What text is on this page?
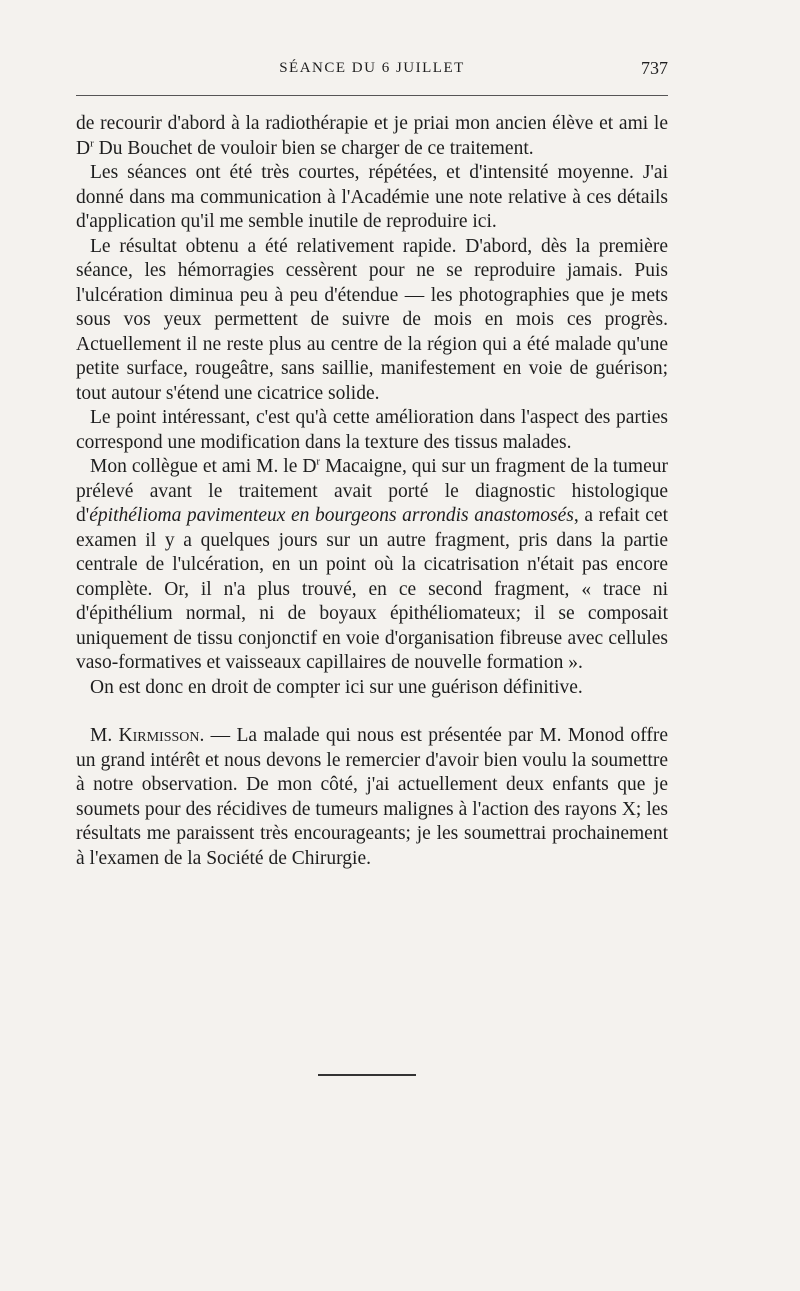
SÉANCE DU 6 JUILLET	737

de recourir d'abord à la radiothérapie et je priai mon ancien élève et ami le $D^r$ Du Bouchet de vouloir bien se charger de ce traitement.

Les séances ont été très courtes, répétées, et d'intensité moyenne. J'ai donné dans ma communication à l'Académie une note relative à ces détails d'application qu'il me semble inutile de reproduire ici.

Le résultat obtenu a été relativement rapide. D'abord, dès la première séance, les hémorragies cessèrent pour ne se reproduire jamais. Puis l'ulcération diminua peu à peu d'étendue — les photographies que je mets sous vos yeux permettent de suivre de mois en mois ces progrès. Actuellement il ne reste plus au centre de la région qui a été malade qu'une petite surface, rougeâtre, sans saillie, manifestement en voie de guérison; tout autour s'étend une cicatrice solide.

Le point intéressant, c'est qu'à cette amélioration dans l'aspect des parties correspond une modification dans la texture des tissus malades.

Mon collègue et ami M. le $D^r$ Macaigne, qui sur un fragment de la tumeur prélevé avant le traitement avait porté le diagnostic histologique d'épithélioma pavimenteux en bourgeons arrondis anastomosés, a refait cet examen il y a quelques jours sur un autre fragment, pris dans la partie centrale de l'ulcération, en un point où la cicatrisation n'était pas encore complète. Or, il n'a plus trouvé, en ce second fragment, « trace ni d'épithélium normal, ni de boyaux épithéliomateux; il se composait uniquement de tissu conjonctif en voie d'organisation fibreuse avec cellules vaso-formatives et vaisseaux capillaires de nouvelle formation ».

On est donc en droit de compter ici sur une guérison définitive.

M. Kirmisson. — La malade qui nous est présentée par M. Monod offre un grand intérêt et nous devons le remercier d'avoir bien voulu la soumettre à notre observation. De mon côté, j'ai actuellement deux enfants que je soumets pour des récidives de tumeurs malignes à l'action des rayons X; les résultats me paraissent très encourageants; je les soumettrai prochainement à l'examen de la Société de Chirurgie.
